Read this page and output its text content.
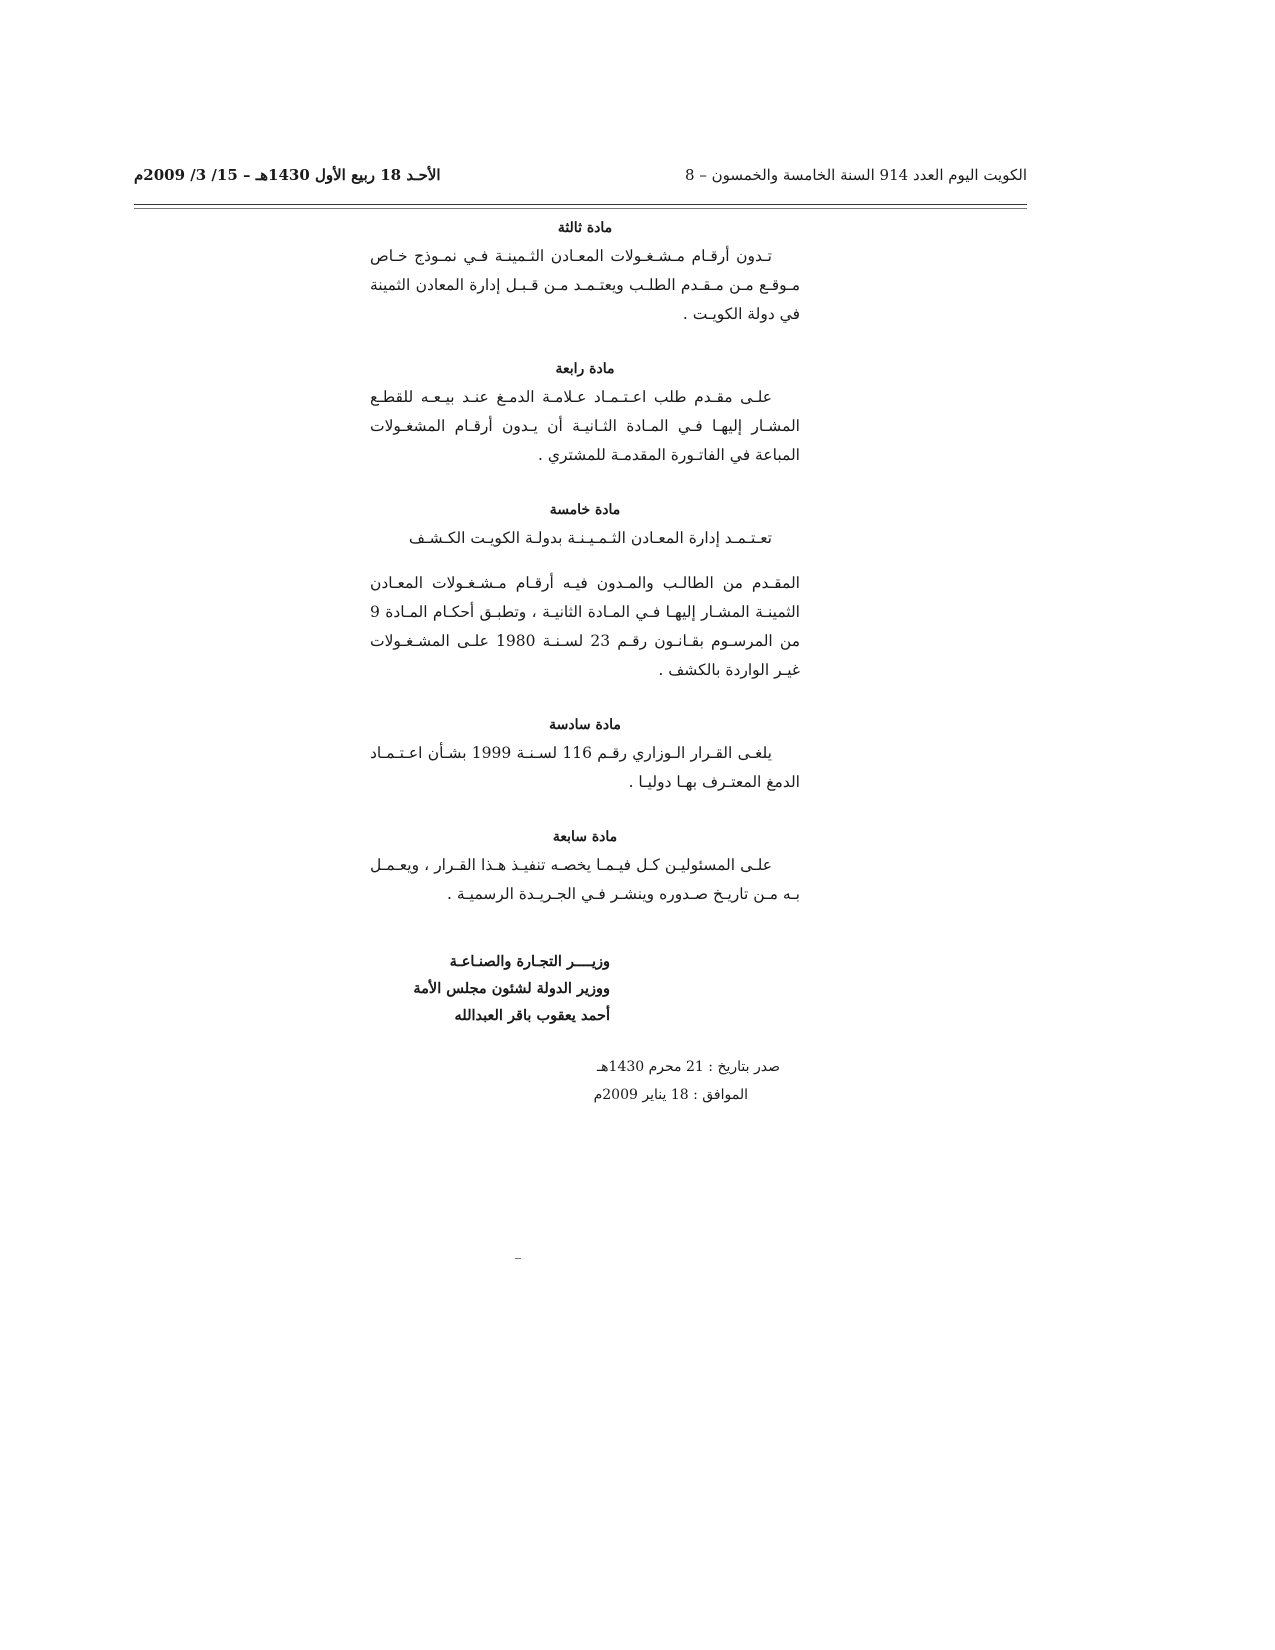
الكويت اليوم العدد 914 السنة الخامسة والخمسون – 8
الأحـد 18 ربيع الأول 1430هـ – 15/ 3/ 2009م
مادة ثالثة

تـدون أرقـام مـشـغـولات المعـادن الثـمينـة فـي نمـوذج خـاص مـوقـع مـن مـقـدم الطلـب ويعتـمـد مـن قـبـل إدارة المعادن الثمينة في دولة الكويـت .

مادة رابعة

علـى مقـدم طلب اعـتـمـاد عـلامـة الدمـغ عنـد بيـعـه للقطـع المشـار إليهـا فـي المـادة الثـانيـة أن يـدون أرقـام المشغـولات المباعة في الفاتـورة المقدمـة للمشتري .

مادة خامسة

تعـتـمـد إدارة المعـادن الثـمـيـنـة بدولـة الكويـت الكـشـف

المقـدم من الطالـب والمـدون فيـه أرقـام مـشـغـولات المعـادن الثمينـة المشـار إليهـا فـي المـادة الثانيـة ، وتطبـق أحكـام المـادة 9 من المرسـوم بقـانـون رقـم 23 لسـنـة 1980 علـى المشـغـولات غيـر الواردة بالكشف .

مادة سادسة

يلغـى القـرار الـوزاري رقـم 116 لسـنـة 1999 بشـأن اعـتـمـاد الدمغ المعتـرف بهـا دوليـا .

مادة سابعة

علـى المسئوليـن كـل فيـمـا يخصـه تنفيـذ هـذا القـرار ، ويعـمـل بـه مـن تاريـخ صـدوره وينشـر فـي الجـريـدة الرسميـة .

وزيــــر التجـارة والصنـاعـة
ووزير الدولة لشئون مجلس الأمة
أحمد يعقوب باقر العبدالله
صدر بتاريخ : 21 محرم 1430هـ
الموافق : 18 يناير 2009م
